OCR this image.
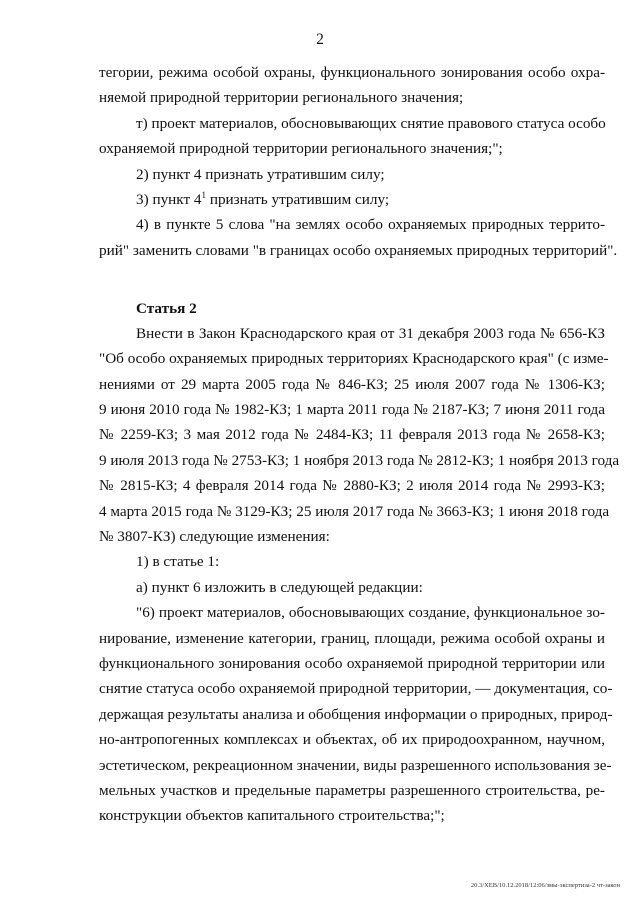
2
тегории, режима особой охраны, функционального зонирования особо охра-
няемой природной территории регионального значения;
т) проект материалов, обосновывающих снятие правового статуса особо
охраняемой природной территории регионального значения;";
2) пункт 4 признать утратившим силу;
3) пункт $4^1$ признать утратившим силу;
4) в пункте 5 слова "на землях особо охраняемых природных террито-
рий" заменить словами "в границах особо охраняемых природных территорий".
Статья 2
Внести в Закон Краснодарского края от 31 декабря 2003 года № 656-КЗ
"Об особо охраняемых природных территориях Краснодарского края" (с изме-
нениями от 29 марта 2005 года № 846-КЗ; 25 июля 2007 года № 1306-КЗ;
9 июня 2010 года № 1982-КЗ; 1 марта 2011 года № 2187-КЗ; 7 июня 2011 года
№ 2259-КЗ; 3 мая 2012 года № 2484-КЗ; 11 февраля 2013 года № 2658-КЗ;
9 июля 2013 года № 2753-КЗ; 1 ноября 2013 года № 2812-КЗ; 1 ноября 2013 года
№ 2815-КЗ; 4 февраля 2014 года № 2880-КЗ; 2 июля 2014 года № 2993-КЗ;
4 марта 2015 года № 3129-КЗ; 25 июля 2017 года № 3663-КЗ; 1 июня 2018 года
№ 3807-КЗ) следующие изменения:
1) в статье 1:
а) пункт 6 изложить в следующей редакции:
"6) проект материалов, обосновывающих создание, функциональное зо-
нирование, изменение категории, границ, площади, режима особой охраны и
функционального зонирования особо охраняемой природной территории или
снятие статуса особо охраняемой природной территории, — документация, со-
держащая результаты анализа и обобщения информации о природных, природ-
но-антропогенных комплексах и объектах, об их природоохранном, научном,
эстетическом, рекреационном значении, виды разрешенного использования зе-
мельных участков и предельные параметры разрешенного строительства, ре-
конструкции объектов капитального строительства;";
20.3/ХЕВ/10.12.2018/12:06/змы-экспертиза-2 чт-закон
